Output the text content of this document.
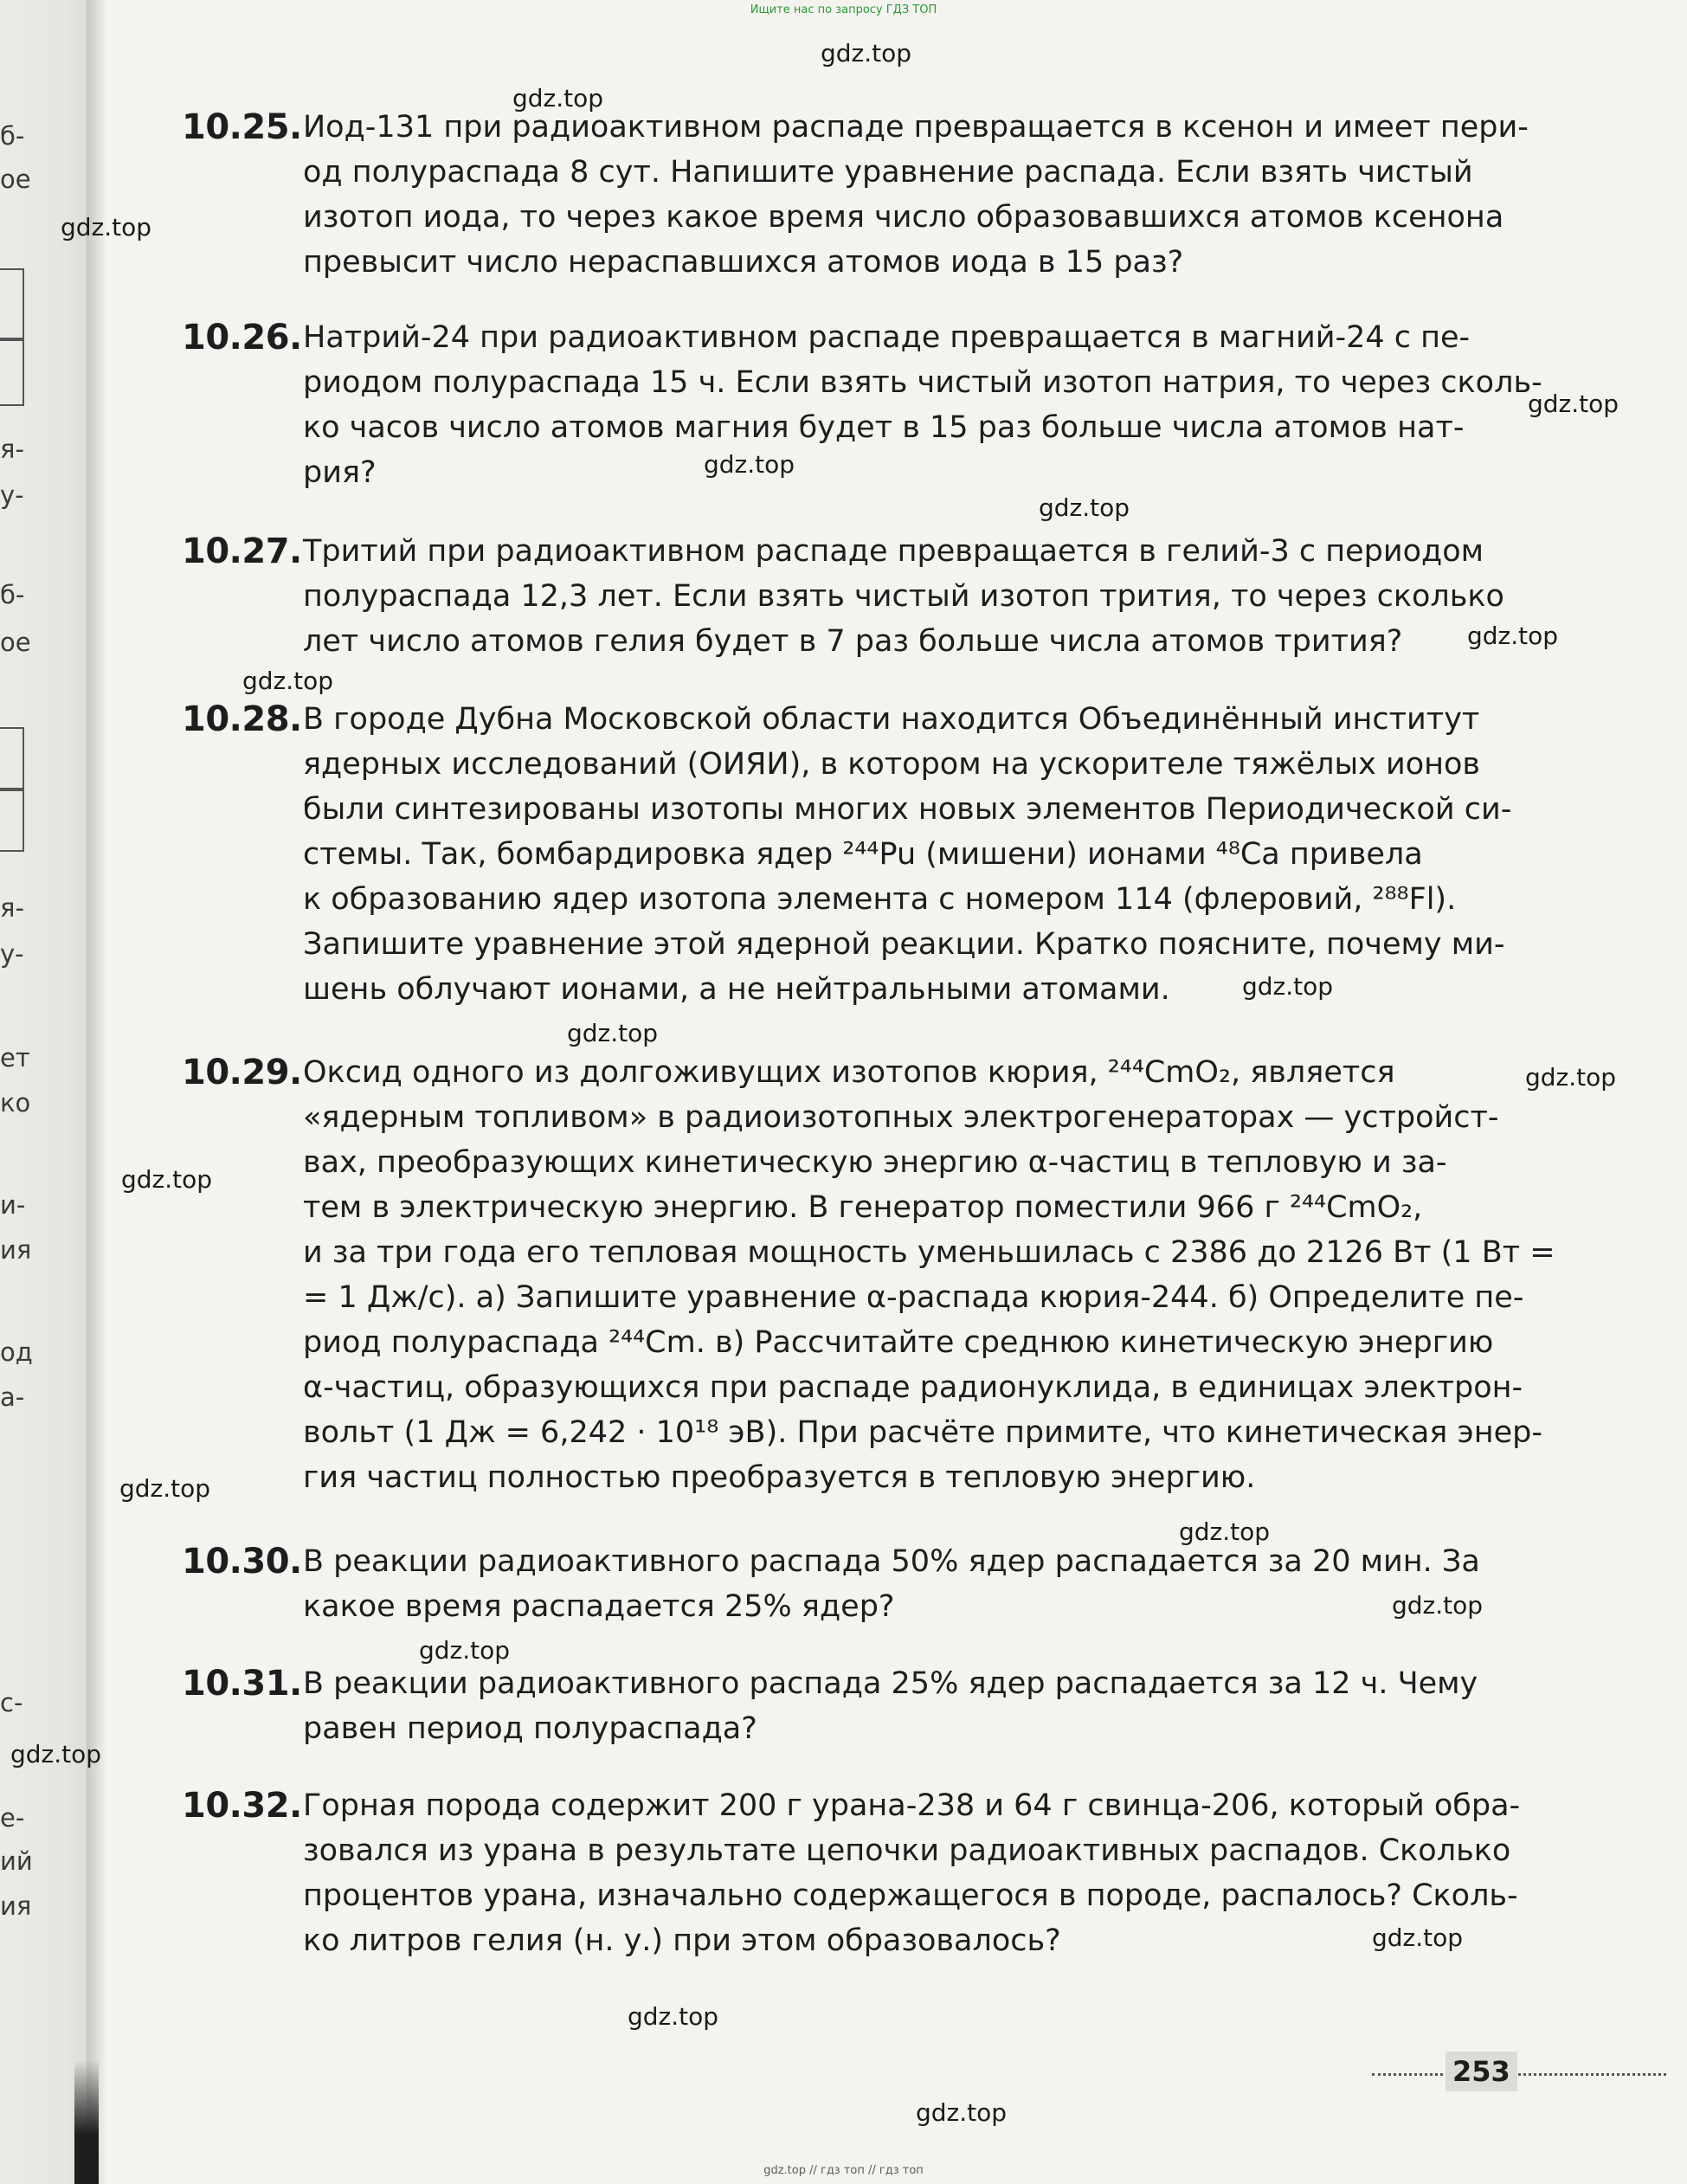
б-
ое
я-
у-
б-
ое
я-
у-
ет
ко
и-
ия
од
а-
с-
е-
ий
ия
Ищите нас по запросу ГДЗ ТОП
gdz.top // гдз топ // гдз топ
gdz.top
gdz.top
gdz.top
gdz.top
gdz.top
gdz.top
gdz.top
gdz.top
gdz.top
gdz.top
gdz.top
gdz.top
gdz.top
gdz.top
gdz.top
gdz.top
gdz.top
gdz.top
gdz.top
gdz.top
10.25. Иод-131 при радиоактивном распаде превращается в ксенон и имеет пери-
од полураспада 8 сут. Напишите уравнение распада. Если взять чистый
изотоп иода, то через какое время число образовавшихся атомов ксенона
превысит число нераспавшихся атомов иода в 15 раз?
10.26. Натрий-24 при радиоактивном распаде превращается в магний-24 с пе-
риодом полураспада 15 ч. Если взять чистый изотоп натрия, то через сколь-
ко часов число атомов магния будет в 15 раз больше числа атомов нат-
рия?
10.27. Тритий при радиоактивном распаде превращается в гелий-3 с периодом
полураспада 12,3 лет. Если взять чистый изотоп трития, то через сколько
лет число атомов гелия будет в 7 раз больше числа атомов трития?
10.28. В городе Дубна Московской области находится Объединённый институт
ядерных исследований (ОИЯИ), в котором на ускорителе тяжёлых ионов
были синтезированы изотопы многих новых элементов Периодической си-
стемы. Так, бомбардировка ядер ²⁴⁴Pu (мишени) ионами ⁴⁸Ca привела
к образованию ядер изотопа элемента с номером 114 (флеровий, ²⁸⁸Fl).
Запишите уравнение этой ядерной реакции. Кратко поясните, почему ми-
шень облучают ионами, а не нейтральными атомами.
10.29. Оксид одного из долгоживущих изотопов кюрия, ²⁴⁴CmO₂, является
«ядерным топливом» в радиоизотопных электрогенераторах — устройст-
вах, преобразующих кинетическую энергию α-частиц в тепловую и за-
тем в электрическую энергию. В генератор поместили 966 г ²⁴⁴CmO₂,
и за три года его тепловая мощность уменьшилась с 2386 до 2126 Вт (1 Вт =
= 1 Дж/с). а) Запишите уравнение α-распада кюрия-244. б) Определите пе-
риод полураспада ²⁴⁴Cm. в) Рассчитайте среднюю кинетическую энергию
α-частиц, образующихся при распаде радионуклида, в единицах электрон-
вольт (1 Дж = 6,242 · 10¹⁸ эВ). При расчёте примите, что кинетическая энер-
гия частиц полностью преобразуется в тепловую энергию.
10.30. В реакции радиоактивного распада 50% ядер распадается за 20 мин. За
какое время распадается 25% ядер?
10.31. В реакции радиоактивного распада 25% ядер распадается за 12 ч. Чему
равен период полураспада?
10.32. Горная порода содержит 200 г урана-238 и 64 г свинца-206, который обра-
зовался из урана в результате цепочки радиоактивных распадов. Сколько
процентов урана, изначально содержащегося в породе, распалось? Сколь-
ко литров гелия (н. у.) при этом образовалось?
253
